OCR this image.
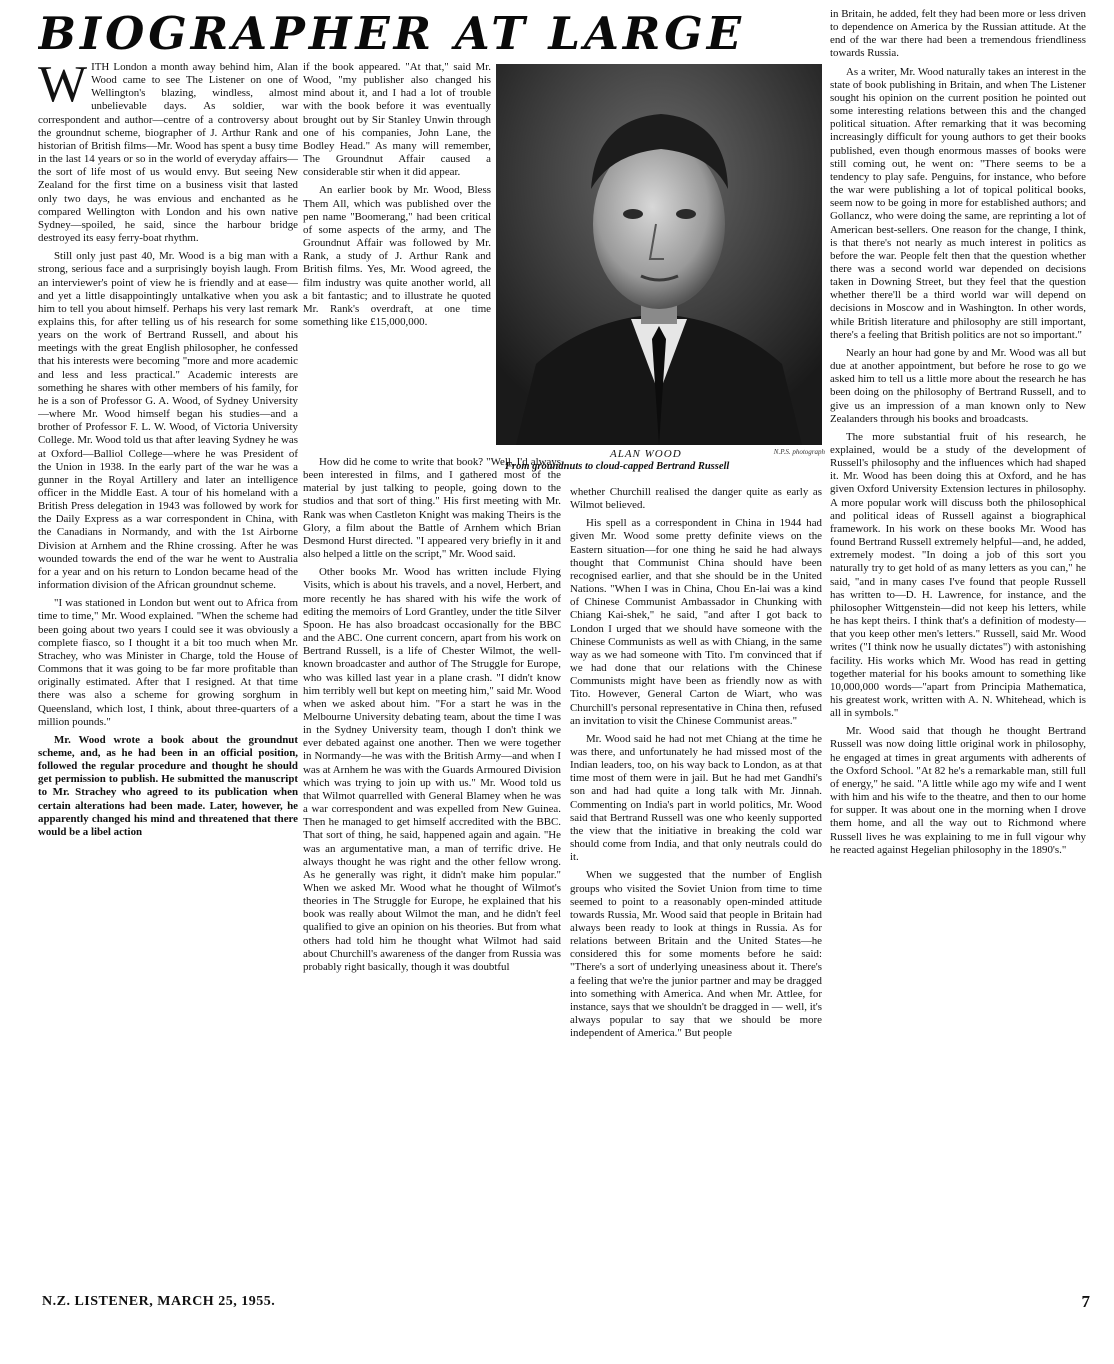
BIOGRAPHER AT LARGE

WITH London a month away behind him, Alan Wood came to see The Listener on one of Wellington's blazing, windless, almost unbelievable days. As soldier, war correspondent and author—centre of a controversy about the groundnut scheme, biographer of J. Arthur Rank and historian of British films—Mr. Wood has spent a busy time in the last 14 years or so in the world of everyday affairs—the sort of life most of us would envy. But seeing New Zealand for the first time on a business visit that lasted only two days, he was envious and enchanted as he compared Wellington with London and his own native Sydney—spoiled, he said, since the harbour bridge destroyed its easy ferry-boat rhythm.

Still only just past 40, Mr. Wood is a big man with a strong, serious face and a surprisingly boyish laugh. From an interviewer's point of view he is friendly and at ease—and yet a little disappointingly untalkative when you ask him to tell you about himself. Perhaps his very last remark explains this, for after telling us of his research for some years on the work of Bertrand Russell, and about his meetings with the great English philosopher, he confessed that his interests were becoming "more and more academic and less and less practical." Academic interests are something he shares with other members of his family, for he is a son of Professor G. A. Wood, of Sydney University—where Mr. Wood himself began his studies—and a brother of Professor F. L. W. Wood, of Victoria University College. Mr. Wood told us that after leaving Sydney he was at Oxford—Balliol College—where he was President of the Union in 1938. In the early part of the war he was a gunner in the Royal Artillery and later an intelligence officer in the Middle East. A tour of his homeland with a British Press delegation in 1943 was followed by work for the Daily Express as a war correspondent in China, with the Canadians in Normandy, and with the 1st Airborne Division at Arnhem and the Rhine crossing. After he was wounded towards the end of the war he went to Australia for a year and on his return to London became head of the information division of the African groundnut scheme.

"I was stationed in London but went out to Africa from time to time," Mr. Wood explained. "When the scheme had been going about two years I could see it was obviously a complete fiasco, so I thought it a bit too much when Mr. Strachey, who was Minister in Charge, told the House of Commons that it was going to be far more profitable than originally estimated. After that I resigned. At that time there was also a scheme for growing sorghum in Queensland, which lost, I think, about three-quarters of a million pounds."

Mr. Wood wrote a book about the groundnut scheme, and, as he had been in an official position, followed the regular procedure and thought he should get permission to publish. He submitted the manuscript to Mr. Strachey who agreed to its publication when certain alterations had been made. Later, however, he apparently changed his mind and threatened that there would be a libel action

if the book appeared. "At that," said Mr. Wood, "my publisher also changed his mind about it, and I had a lot of trouble with the book before it was eventually brought out by Sir Stanley Unwin through one of his companies, John Lane, the Bodley Head." As many will remember, The Groundnut Affair caused a considerable stir when it did appear.

An earlier book by Mr. Wood, Bless Them All, which was published over the pen name "Boomerang," had been critical of some aspects of the army, and The Groundnut Affair was followed by Mr. Rank, a study of J. Arthur Rank and British films. Yes, Mr. Wood agreed, the film industry was quite another world, all a bit fantastic; and to illustrate he quoted Mr. Rank's overdraft, at one time something like £15,000,000.

How did he come to write that book? "Well, I'd always been interested in films, and I gathered most of the material by just talking to people, going down to the studios and that sort of thing." His first meeting with Mr. Rank was when Castleton Knight was making Theirs is the Glory, a film about the Battle of Arnhem which Brian Desmond Hurst directed. "I appeared very briefly in it and also helped a little on the script," Mr. Wood said.

Other books Mr. Wood has written include Flying Visits, which is about his travels, and a novel, Herbert, and more recently he has shared with his wife the work of editing the memoirs of Lord Grantley, under the title Silver Spoon. He has also broadcast occasionally for the BBC and the ABC. One current concern, apart from his work on Bertrand Russell, is a life of Chester Wilmot, the well-known broadcaster and author of The Struggle for Europe, who was killed last year in a plane crash. "I didn't know him terribly well but kept on meeting him," said Mr. Wood when we asked about him. "For a start he was in the Melbourne University debating team, about the time I was in the Sydney University team, though I don't think we ever debated against one another. Then we were together in Normandy—he was with the British Army—and when I was at Arnhem he was with the Guards Armoured Division which was trying to join up with us." Mr. Wood told us that Wilmot quarrelled with General Blamey when he was a war correspondent and was expelled from New Guinea. Then he managed to get himself accredited with the BBC. That sort of thing, he said, happened again and again. "He was an argumentative man, a man of terrific drive. He always thought he was right and the other fellow wrong. As he generally was right, it didn't make him popular." When we asked Mr. Wood what he thought of Wilmot's theories in The Struggle for Europe, he explained that his book was really about Wilmot the man, and he didn't feel qualified to give an opinion on his theories. But from what others had told him he thought what Wilmot had said about Churchill's awareness of the danger from Russia was probably right basically, though it was doubtful

ALAN WOOD	N.P.S. photograph
From groundnuts to cloud-capped Bertrand Russell

whether Churchill realised the danger quite as early as Wilmot believed.

His spell as a correspondent in China in 1944 had given Mr. Wood some pretty definite views on the Eastern situation—for one thing he said he had always thought that Communist China should have been recognised earlier, and that she should be in the United Nations. "When I was in China, Chou En-lai was a kind of Chinese Communist Ambassador in Chunking with Chiang Kai-shek," he said, "and after I got back to London I urged that we should have someone with the Chinese Communists as well as with Chiang, in the same way as we had someone with Tito. I'm convinced that if we had done that our relations with the Chinese Communists might have been as friendly now as with Tito. However, General Carton de Wiart, who was Churchill's personal representative in China then, refused an invitation to visit the Chinese Communist areas."

Mr. Wood said he had not met Chiang at the time he was there, and unfortunately he had missed most of the Indian leaders, too, on his way back to London, as at that time most of them were in jail. But he had met Gandhi's son and had had quite a long talk with Mr. Jinnah. Commenting on India's part in world politics, Mr. Wood said that Bertrand Russell was one who keenly supported the view that the initiative in breaking the cold war should come from India, and that only neutrals could do it.

When we suggested that the number of English groups who visited the Soviet Union from time to time seemed to point to a reasonably open-minded attitude towards Russia, Mr. Wood said that people in Britain had always been ready to look at things in Russia. As for relations between Britain and the United States—he considered this for some moments before he said: "There's a sort of underlying uneasiness about it. There's a feeling that we're the junior partner and may be dragged into something with America. And when Mr. Attlee, for instance, says that we shouldn't be dragged in — well, it's always popular to say that we should be more independent of America." But people

in Britain, he added, felt they had been more or less driven to dependence on America by the Russian attitude. At the end of the war there had been a tremendous friendliness towards Russia.

As a writer, Mr. Wood naturally takes an interest in the state of book publishing in Britain, and when The Listener sought his opinion on the current position he pointed out some interesting relations between this and the changed political situation. After remarking that it was becoming increasingly difficult for young authors to get their books published, even though enormous masses of books were still coming out, he went on: "There seems to be a tendency to play safe. Penguins, for instance, who before the war were publishing a lot of topical political books, seem now to be going in more for established authors; and Gollancz, who were doing the same, are reprinting a lot of American best-sellers. One reason for the change, I think, is that there's not nearly as much interest in politics as before the war. People felt then that the question whether there was a second world war depended on decisions taken in Downing Street, but they feel that the question whether there'll be a third world war will depend on decisions in Moscow and in Washington. In other words, while British literature and philosophy are still important, there's a feeling that British politics are not so important."

Nearly an hour had gone by and Mr. Wood was all but due at another appointment, but before he rose to go we asked him to tell us a little more about the research he has been doing on the philosophy of Bertrand Russell, and to give us an impression of a man known only to New Zealanders through his books and broadcasts.

The more substantial fruit of his research, he explained, would be a study of the development of Russell's philosophy and the influences which had shaped it. Mr. Wood has been doing this at Oxford, and he has given Oxford University Extension lectures in philosophy. A more popular work will discuss both the philosophical and political ideas of Russell against a biographical framework. In his work on these books Mr. Wood has found Bertrand Russell extremely helpful—and, he added, extremely modest. "In doing a job of this sort you naturally try to get hold of as many letters as you can," he said, "and in many cases I've found that people Russell has written to—D. H. Lawrence, for instance, and the philosopher Wittgenstein—did not keep his letters, while he has kept theirs. I think that's a definition of modesty—that you keep other men's letters." Russell, said Mr. Wood writes ("I think now he usually dictates") with astonishing facility. His works which Mr. Wood has read in getting together material for his books amount to something like 10,000,000 words—"apart from Principia Mathematica, his greatest work, written with A. N. Whitehead, which is all in symbols."

Mr. Wood said that though he thought Bertrand Russell was now doing little original work in philosophy, he engaged at times in great arguments with adherents of the Oxford School. "At 82 he's a remarkable man, still full of energy," he said. "A little while ago my wife and I went with him and his wife to the theatre, and then to our home for supper. It was about one in the morning when I drove them home, and all the way out to Richmond where Russell lives he was explaining to me in full vigour why he reacted against Hegelian philosophy in the 1890's."

N.Z. LISTENER, MARCH 25, 1955.	7
